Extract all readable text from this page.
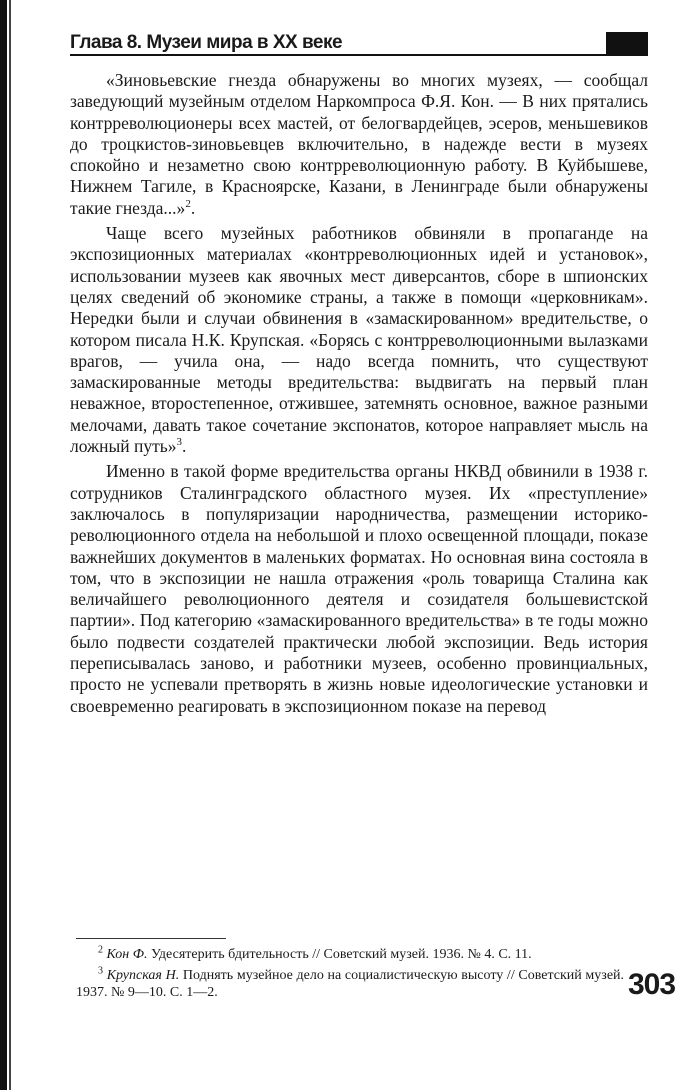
Глава 8. Музеи мира в ХХ веке

«Зиновьевские гнезда обнаружены во многих музеях, — сообщал заведующий музейным отделом Наркомпроса Ф.Я. Кон. — В них прятались контрреволюционеры всех мастей, от белогвардейцев, эсеров, меньшевиков до троцкистов-зиновьевцев включительно, в надежде вести в музеях спокойно и незаметно свою контрреволюционную работу. В Куйбышеве, Нижнем Тагиле, в Красноярске, Казани, в Ленинграде были обнаружены такие гнезда...»$^2$.

Чаще всего музейных работников обвиняли в пропаганде на экспозиционных материалах «контрреволюционных идей и установок», использовании музеев как явочных мест диверсантов, сборе в шпионских целях сведений об экономике страны, а также в помощи «церковникам». Нередки были и случаи обвинения в «замаскированном» вредительстве, о котором писала Н.К. Крупская. «Борясь с контрреволюционными вылазками врагов, — учила она, — надо всегда помнить, что существуют замаскированные методы вредительства: выдвигать на первый план неважное, второстепенное, отжившее, затемнять основное, важное разными мелочами, давать такое сочетание экспонатов, которое направляет мысль на ложный путь»$^3$.

Именно в такой форме вредительства органы НКВД обвинили в 1938 г. сотрудников Сталинградского областного музея. Их «преступление» заключалось в популяризации народничества, размещении историко-революционного отдела на небольшой и плохо освещенной площади, показе важнейших документов в маленьких форматах. Но основная вина состояла в том, что в экспозиции не нашла отражения «роль товарища Сталина как величайшего революционного деятеля и созидателя большевистской партии». Под категорию «замаскированного вредительства» в те годы можно было подвести создателей практически любой экспозиции. Ведь история переписывалась заново, и работники музеев, особенно провинциальных, просто не успевали претворять в жизнь новые идеологические установки и своевременно реагировать в экспозиционном показе на перевод

$^2$ Кон Ф. Удесятерить бдительность // Советский музей. 1936. № 4. С. 11.

$^3$ Крупская Н. Поднять музейное дело на социалистическую высоту // Советский музей. 1937. № 9—10. С. 1—2.	303
